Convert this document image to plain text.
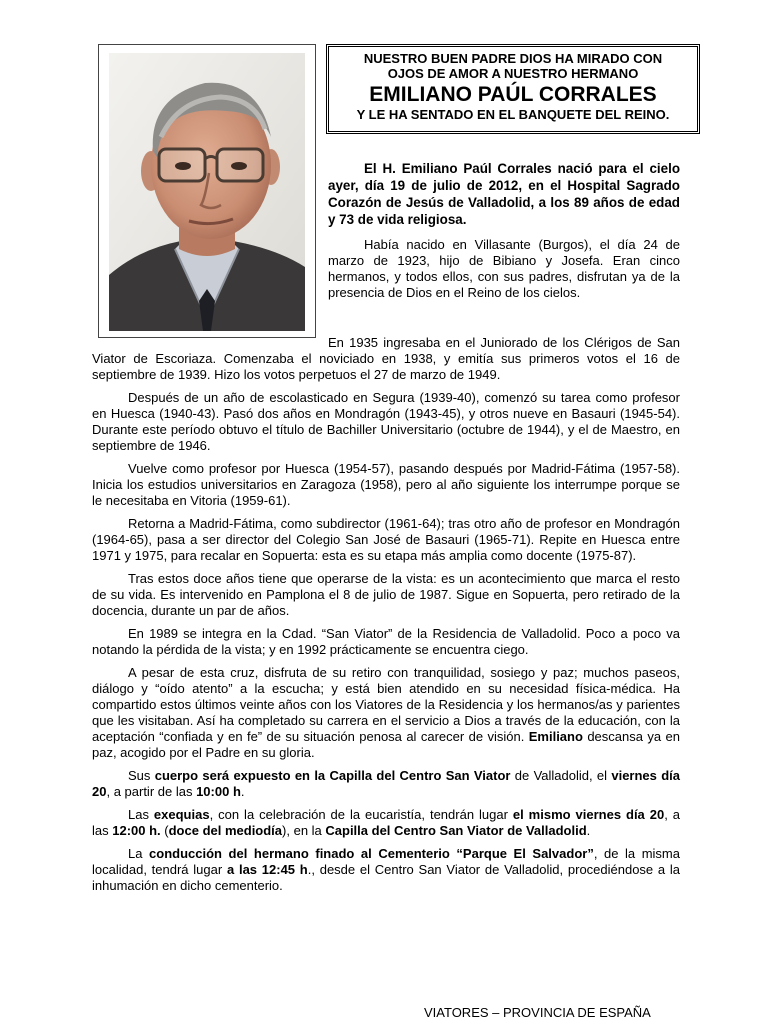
NUESTRO BUEN PADRE DIOS HA MIRADO CON
OJOS DE AMOR A NUESTRO HERMANO
EMILIANO PAÚL CORRALES
Y LE HA SENTADO EN EL BANQUETE DEL REINO.

El H. Emiliano Paúl Corrales nació para el cielo ayer, día 19 de julio de 2012, en el Hospital Sagrado Corazón de Jesús de Valladolid, a los 89 años de edad y 73 de vida religiosa.

Había nacido en Villasante (Burgos), el día 24 de marzo de 1923, hijo de Bibiano y Josefa. Eran cinco hermanos, y todos ellos, con sus padres, disfrutan ya de la presencia de Dios en el Reino de los cielos.

En 1935 ingresaba en el Juniorado de los Clérigos de San Viator de Escoriaza. Comenzaba el noviciado en 1938, y emitía sus primeros votos el 16 de septiembre de 1939. Hizo los votos perpetuos el 27 de marzo de 1949.

Después de un año de escolasticado en Segura (1939-40), comenzó su tarea como profesor en Huesca (1940-43). Pasó dos años en Mondragón (1943-45), y otros nueve en Basauri (1945-54). Durante este período obtuvo el título de Bachiller Universitario (octubre de 1944), y el de Maestro, en septiembre de 1946.

Vuelve como profesor por Huesca (1954-57), pasando después por Madrid-Fátima (1957-58). Inicia los estudios universitarios en Zaragoza (1958), pero al año siguiente los interrumpe porque se le necesitaba en Vitoria (1959-61).

Retorna a Madrid-Fátima, como subdirector (1961-64); tras otro año de profesor en Mondragón (1964-65), pasa a ser director del Colegio San José de Basauri (1965-71). Repite en Huesca entre 1971 y 1975, para recalar en Sopuerta: esta es su etapa más amplia como docente (1975-87).

Tras estos doce años tiene que operarse de la vista: es un acontecimiento que marca el resto de su vida. Es intervenido en Pamplona el 8 de julio de 1987. Sigue en Sopuerta, pero retirado de la docencia, durante un par de años.

En 1989 se integra en la Cdad. “San Viator” de la Residencia de Valladolid. Poco a poco va notando la pérdida de la vista; y en 1992 prácticamente se encuentra ciego.

A pesar de esta cruz, disfruta de su retiro con tranquilidad, sosiego y paz; muchos paseos, diálogo y “oído atento” a la escucha; y está bien atendido en su necesidad física-médica. Ha compartido estos últimos veinte años con los Viatores de la Residencia y los hermanos/as y parientes que les visitaban. Así ha completado su carrera en el servicio a Dios a través de la educación, con la aceptación “confiada y en fe” de su situación penosa al carecer de visión. Emiliano descansa ya en paz, acogido por el Padre en su gloria.

Sus cuerpo será expuesto en la Capilla del Centro San Viator de Valladolid, el viernes día 20, a partir de las 10:00 h.

Las exequias, con la celebración de la eucaristía, tendrán lugar el mismo viernes día 20, a las 12:00 h. (doce del mediodía), en la Capilla del Centro San Viator de Valladolid.

La conducción del hermano finado al Cementerio “Parque El Salvador”, de la misma localidad, tendrá lugar a las 12:45 h., desde el Centro San Viator de Valladolid, procediéndose a la inhumación en dicho cementerio.

VIATORES – PROVINCIA DE ESPAÑA
